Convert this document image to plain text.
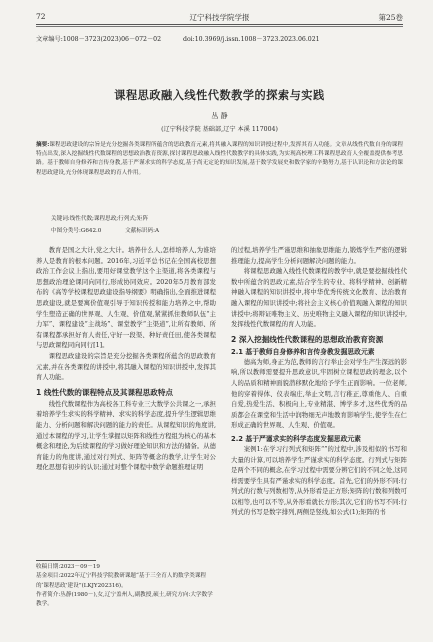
72	辽宁科技学院学报	第25卷
文章编号:1008－3723(2023)06－072－02	doi:10.3969/j.issn.1008－3723.2023.06.021
课程思政融入线性代数教学的探索与实践
丛 静
(辽宁科技学院 基础部,辽宁 本溪 117004)
摘要:课程思政建设的宗旨是充分挖掘各类课程所蕴含的思政教育元素,将其融入课程的知识讲授过程中,发挥其育人功能。文章从线性代数自身的课程特点出发,深入挖掘线性代数课程的思想政治教育资源,探讨课程思政融入线性代数教学的具体实践,为实现高校理工科课程思政育人全覆盖提供参考思路。基于教师自身修养和言传身教,基于严谨求实的科学态度,基于尚无定论的知识发展,基于数学发展史和数学家的辛勤努力,基于认识论和方法论的课程思政建设,充分体现课程思政的育人作用。
关键词:线性代数;课程思政;行列式;矩阵
中图分类号:G642.0	文献标识码:A

教育是国之大计,党之大计。培养什么人,怎样培养人,为谁培养人是教育的根本问题。2016年,习近平总书记在全国高校思想政治工作会议上指出,要用好课堂教学这个主渠道,将各类课程与思想政治理论课同向同行,形成协同效应。2020年5月教育部发布的《高等学校课程思政建设指导纲要》明确指出,全面推进课程思政建设,就是要寓价值观引导于知识传授和能力培养之中,帮助学生塑造正确的世界观、人生观、价值观,紧紧抓住教师队伍“主力军”、课程建设“主战场”、课堂教学“主渠道”,让所有教师、所有课程都承担好育人责任,守好一段渠、种好责任田,使各类课程与思政课程同向同行[1]。

课程思政建设的宗旨是充分挖掘各类课程所蕴含的思政教育元素,并在各类课程的讲授中,将其融入课程的知识讲授中,发挥其育人功能。

1 线性代数的课程特点及其课程思政特点

线性代数课程作为高校各工科专业三大数学公共课之一,承担着培养学生求实的科学精神、求实的科学态度,提升学生逻辑思维能力、分析问题和解决问题的能力的责任。从课程知识的角度讲,通过本课程的学习,让学生掌握以矩阵和线性方程组为核心的基本概念和理论,为后续课程的学习做好理论知识和方法的储备。从德育能力的角度讲,通过对行列式、矩阵等概念的教学,让学生对公理化思想有初步的认识;通过对整个课程中数学命题推理证明

收稿日期:2023－09－19
基金项目:2022年辽宁科技学院教研课题“基于三全育人的数学类课程的‘课程思政’建设”(LKJY202316)。
作者简介:丛静(1980－),女,辽宁盖州人,副教授,硕士,研究方向:大学数学教学。

的过程,培养学生严谨思维和抽象思维能力,锻炼学生严密的逻辑推理能力,提高学生分析问题解决问题的能力。

将课程思政融入线性代数课程的教学中,就是要挖掘线性代数中所蕴含的思政元素,结合学生的专业、将科学精神、创新精神融入课程的知识讲授中,将中华优秀传统文化教育、法治教育融入课程的知识讲授中;将社会主义核心价值观融入课程的知识讲授中;将辩证唯物主义、历史唯物主义融入课程的知识讲授中,发挥线性代数课程的育人功能。

2 深入挖掘线性代数课程的思想政治教育资源
2.1 基于教师自身修养和言传身教发掘思政元素

德高为师,身正为范,教师的言行举止会对学生产生深远的影响,所以教师需要提升思政意识,牢固树立课程思政的理念,以个人的品质和精神面貌潜移默化地给予学生正面影响。一位老师,他的穿着得体、仪表端庄,举止文明,言行稚正,尊重他人、自重自爱,热爱生活、积极向上,专业精湛、博学多才,这些优秀的品质都会在课堂和生活中润物细无声地教育影响学生,使学生在仁形成正确的世界观、人生观、价值观。

2.2 基于严谨求实的科学态度发掘思政元素

案例1:在学习行列式和矩阵“”的过程中,涉及相似的书写和大量的计算,可以培养学生严谨求实的科学态度。行列式与矩阵是两个不同的概念,在学习过程中需要分辨它们的不同之处,这同样需要学生具有严谨求实的科学态度。首先,它们的外形不同:行列式的行数与列数相等,从外形看是正方形;矩阵的行数和列数可以相等,也可以不等,从外形看就长方形;其次,它们的书写不同:行列式的书写是数字排列,两侧是竖线,如公式(1);矩阵的书
